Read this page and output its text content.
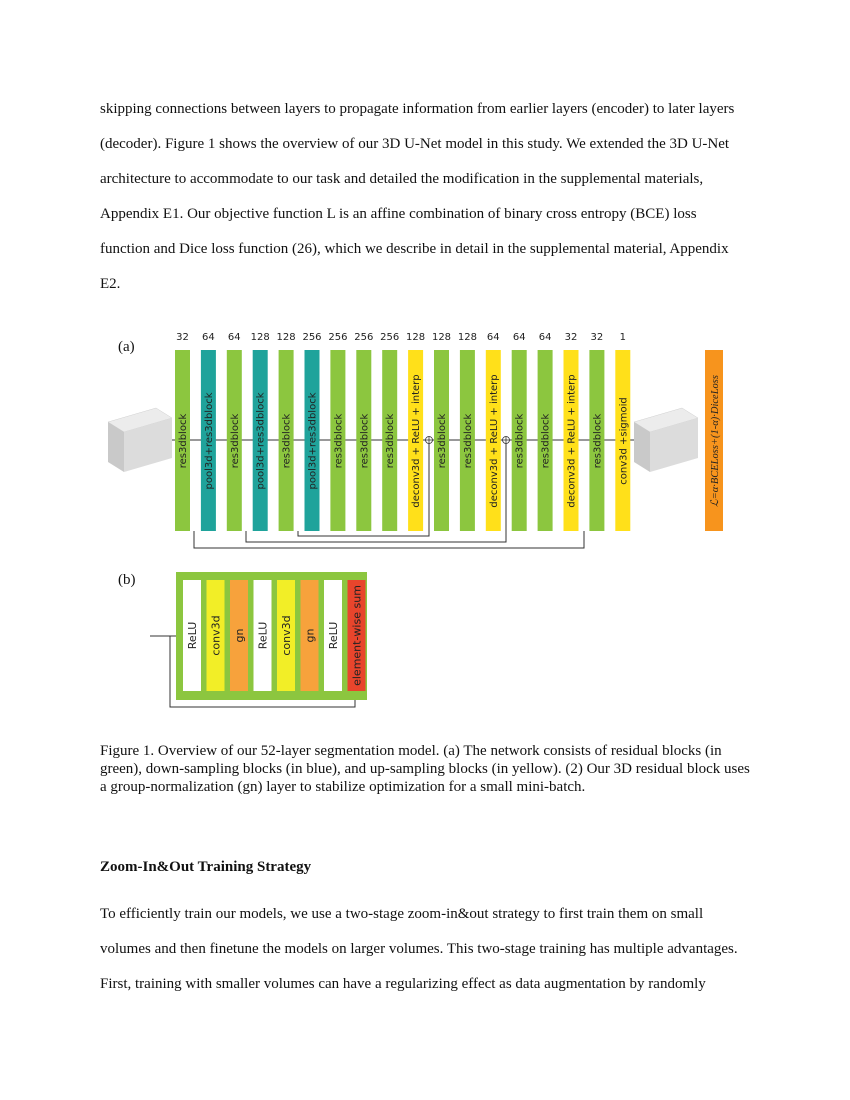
skipping connections between layers to propagate information from earlier layers (encoder) to later layers
(decoder). Figure 1 shows the overview of our 3D U-Net model in this study. We extended the 3D U-Net
architecture to accommodate to our task and detailed the modification in the supplemental materials,
Appendix E1. Our objective function L is an affine combination of binary cross entropy (BCE) loss
function and Dice loss function (26), which we describe in detail in the supplemental material, Appendix
E2.
(a)
(b)
32
res3dblock
64
pool3d+res3dblock
64
res3dblock
128
pool3d+res3dblock
128
res3dblock
256
pool3d+res3dblock
256
res3dblock
256
res3dblock
256
res3dblock
128
deconv3d + ReLU + interp
128
res3dblock
128
res3dblock
64
deconv3d + ReLU + interp
64
res3dblock
64
res3dblock
32
deconv3d + ReLU + interp
32
res3dblock
1
conv3d +sigmoid	ℒ=α·BCELoss+(1-α)·DiceLoss
ReLU conv3d gn ReLU conv3d gn ReLU element-wise sum
Figure 1. Overview of our 52-layer segmentation model. (a) The network consists of residual blocks (in green), down-sampling blocks (in blue), and up-sampling blocks (in yellow). (2) Our 3D residual block uses a group-normalization (gn) layer to stabilize optimization for a small mini-batch.
Zoom-In&Out Training Strategy
To efficiently train our models, we use a two-stage zoom-in&out strategy to first train them on small
volumes and then finetune the models on larger volumes. This two-stage training has multiple advantages.
First, training with smaller volumes can have a regularizing effect as data augmentation by randomly
